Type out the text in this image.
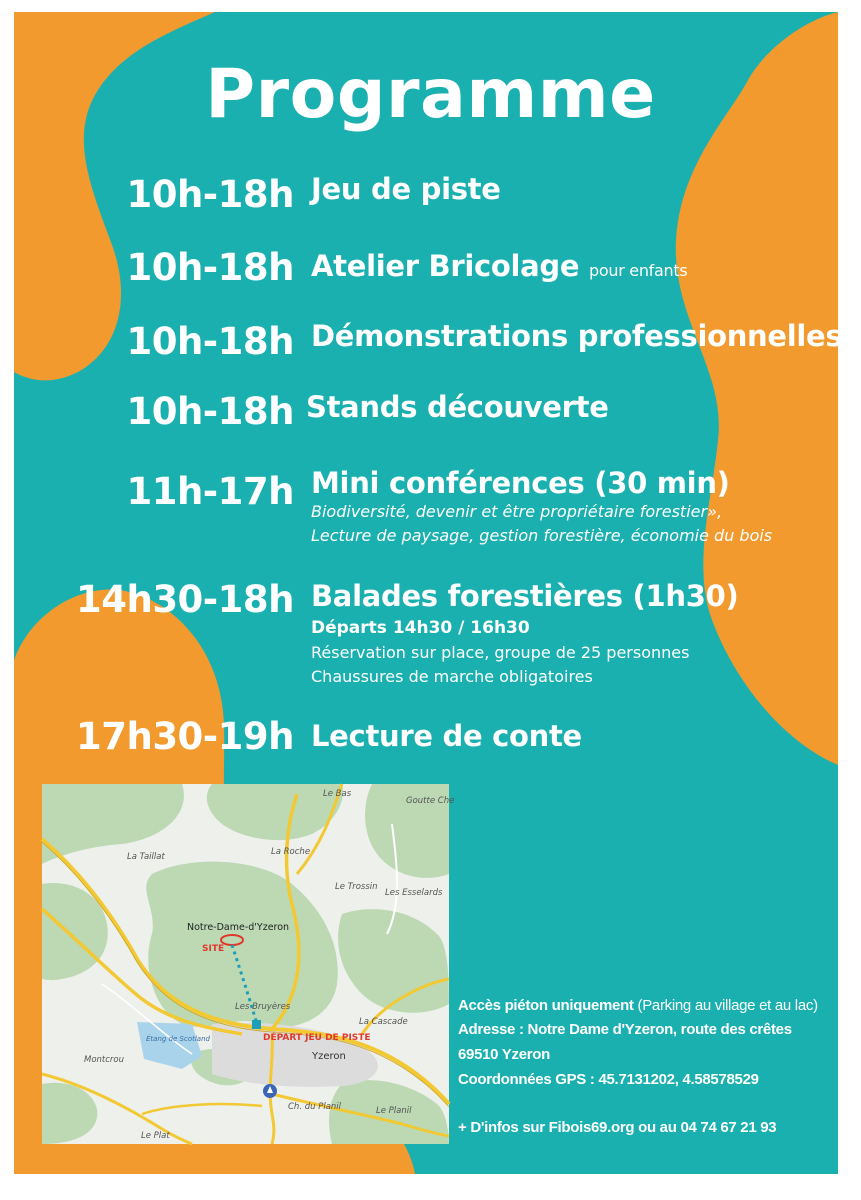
Programme
10h-18h Jeu de piste
10h-18h Atelier Bricolage pour enfants
10h-18h Démonstrations professionnelles
10h-18h Stands découverte
11h-17h Mini conférences (30 min)
Biodiversité, devenir et être propriétaire forestier»,
Lecture de paysage, gestion forestière, économie du bois
14h30-18h Balades forestières (1h30)
Départs 14h30 / 16h30
Réservation sur place, groupe de 25 personnes
Chaussures de marche obligatoires
17h30-19h Lecture de conte
Le Bas
Goutte Che
La Taillat	La Roche
Le Trossin
Les Esselards
Notre-Dame-d'Yzeron
SITE
Les Bruyères
La Cascade
DÉPART JEU DE PISTE
Montcrou
Étang de Scotland
Yzeron
Ch. du Planil	Le Planil
Le Plat
Accès piéton uniquement (Parking au village et au lac)
Adresse : Notre Dame d'Yzeron, route des crêtes
69510 Yzeron
Coordonnées GPS : 45.7131202, 4.58578529
+ D'infos sur Fibois69.org ou au 04 74 67 21 93
